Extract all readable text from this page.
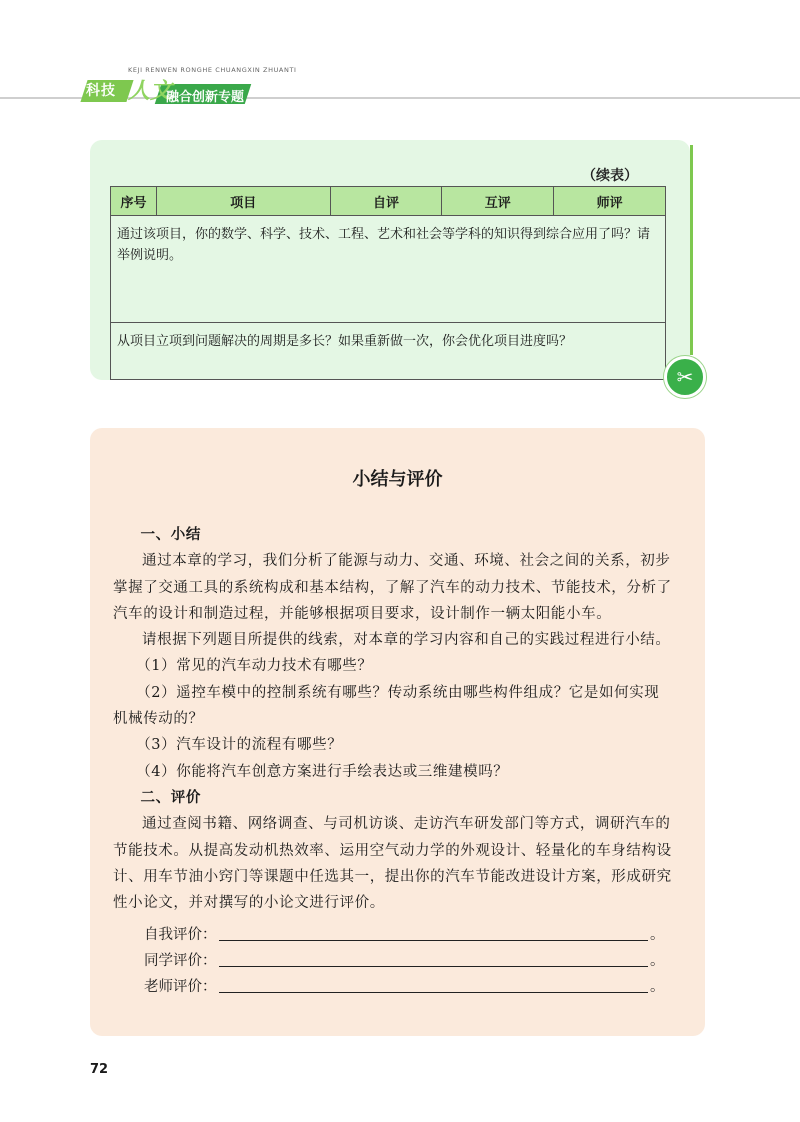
KEJI RENWEN RONGHE CHUANGXIN ZHUANTI
科技 人文
融合创新专题
（续表）
序号	项目	自评	互评	师评
通过该项目，你的数学、科学、技术、工程、艺术和社会等学科的知识得到综合应用了吗？请举例说明。
从项目立项到问题解决的周期是多长？如果重新做一次，你会优化项目进度吗？
✂
小结与评价

一、小结

通过本章的学习，我们分析了能源与动力、交通、环境、社会之间的关系，初步掌握了交通工具的系统构成和基本结构，了解了汽车的动力技术、节能技术，分析了汽车的设计和制造过程，并能够根据项目要求，设计制作一辆太阳能小车。

请根据下列题目所提供的线索，对本章的学习内容和自己的实践过程进行小结。

（1）常见的汽车动力技术有哪些？

（2）遥控车模中的控制系统有哪些？传动系统由哪些构件组成？它是如何实现机械传动的？

（3）汽车设计的流程有哪些？

（4）你能将汽车创意方案进行手绘表达或三维建模吗？

二、评价

通过查阅书籍、网络调查、与司机访谈、走访汽车研发部门等方式，调研汽车的节能技术。从提高发动机热效率、运用空气动力学的外观设计、轻量化的车身结构设计、用车节油小窍门等课题中任选其一，提出你的汽车节能改进设计方案，形成研究性小论文，并对撰写的小论文进行评价。

自我评价：	。
同学评价：	。
老师评价：	。
72
